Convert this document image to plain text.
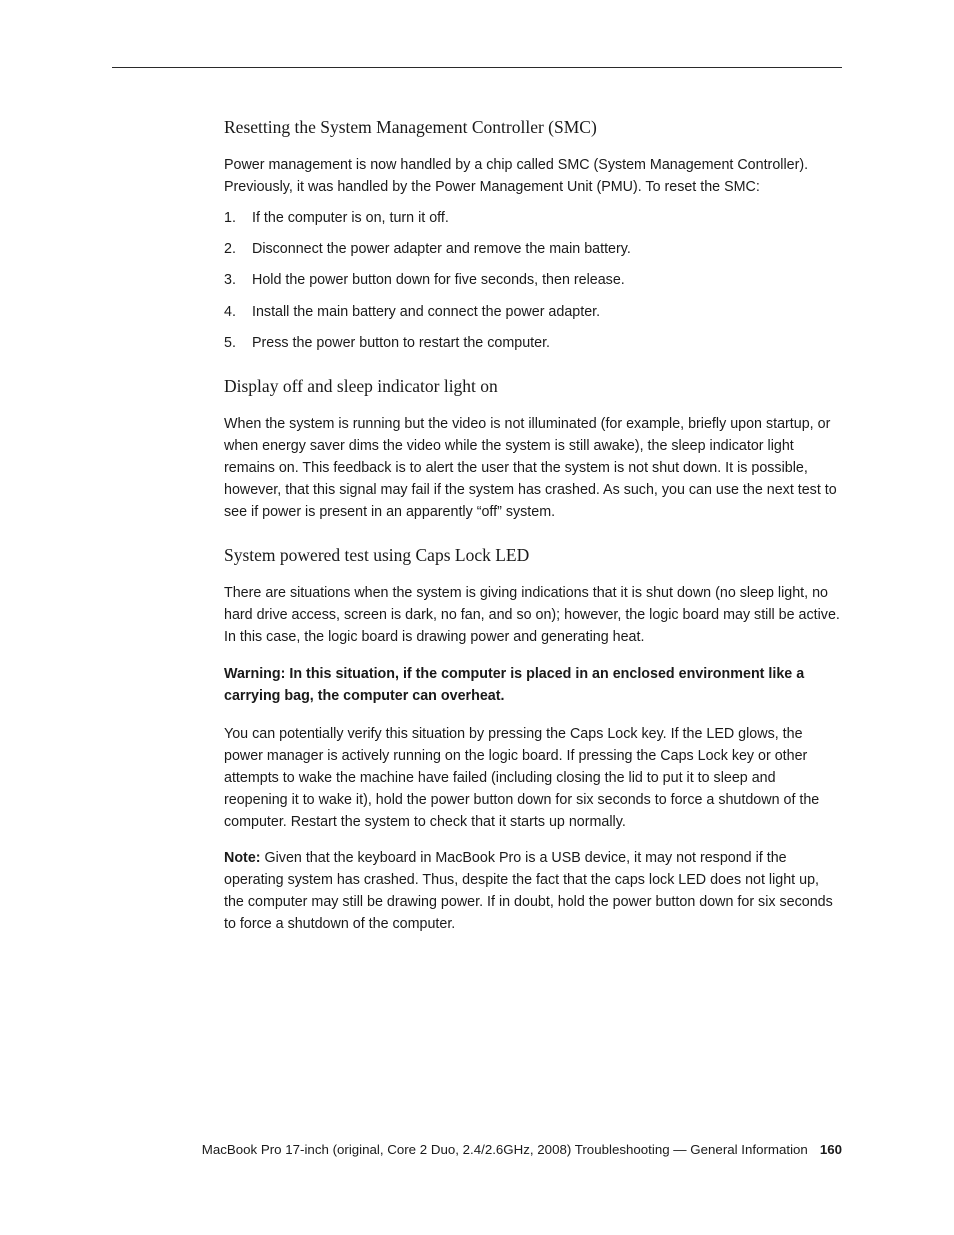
Resetting the System Management Controller (SMC)
Power management is now handled by a chip called SMC (System Management Controller). Previously, it was handled by the Power Management Unit (PMU). To reset the SMC:
1. If the computer is on, turn it off.
2. Disconnect the power adapter and remove the main battery.
3. Hold the power button down for five seconds, then release.
4. Install the main battery and connect the power adapter.
5. Press the power button to restart the computer.
Display off and sleep indicator light on
When the system is running but the video is not illuminated (for example, briefly upon startup, or when energy saver dims the video while the system is still awake), the sleep indicator light remains on. This feedback is to alert the user that the system is not shut down. It is possible, however, that this signal may fail if the system has crashed. As such, you can use the next test to see if power is present in an apparently “off” system.
System powered test using Caps Lock LED
There are situations when the system is giving indications that it is shut down (no sleep light, no hard drive access, screen is dark, no fan, and so on); however, the logic board may still be active. In this case, the logic board is drawing power and generating heat.
Warning: In this situation, if the computer is placed in an enclosed environment like a carrying bag, the computer can overheat.
You can potentially verify this situation by pressing the Caps Lock key. If the LED glows, the power manager is actively running on the logic board. If pressing the Caps Lock key or other attempts to wake the machine have failed (including closing the lid to put it to sleep and reopening it to wake it), hold the power button down for six seconds to force a shutdown of the computer. Restart the system to check that it starts up normally.
Note: Given that the keyboard in MacBook Pro is a USB device, it may not respond if the operating system has crashed. Thus, despite the fact that the caps lock LED does not light up, the computer may still be drawing power. If in doubt, hold the power button down for six seconds to force a shutdown of the computer.
MacBook Pro 17-inch (original, Core 2 Duo, 2.4/2.6GHz, 2008) Troubleshooting — General Information 160
